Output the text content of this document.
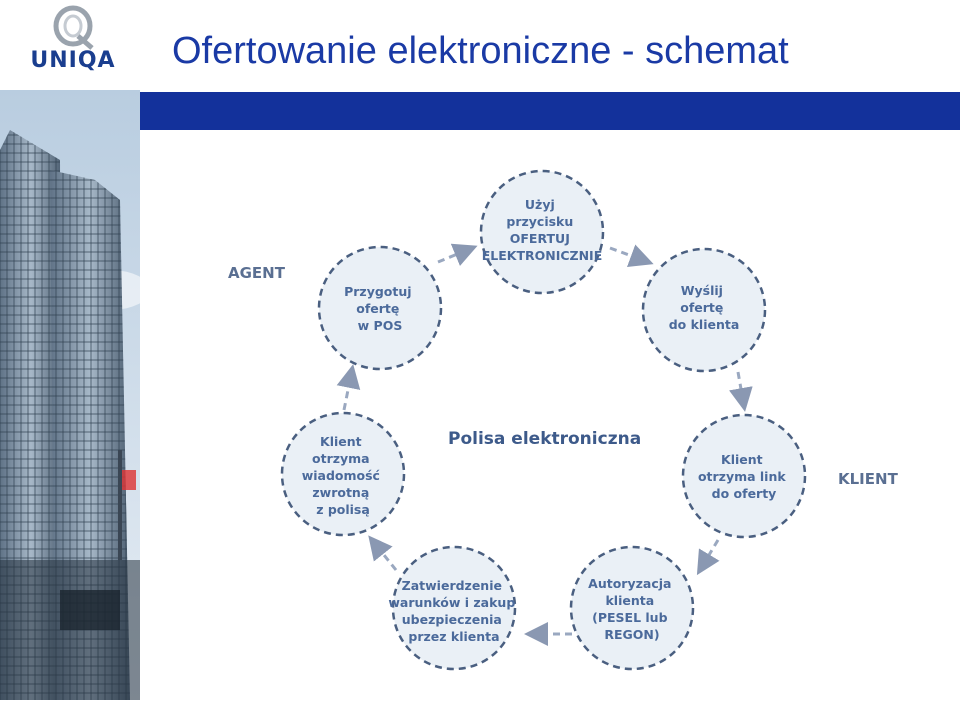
UNIQA	Ofertowanie elektroniczne - schemat
AGENT
KLIENT
Polisa elektroniczna
Użyj przycisku OFERTUJ ELEKTRONICZNIE
Wyślij ofertę do klienta
Klient otrzyma link do oferty
Autoryzacja klienta (PESEL lub REGON)
Zatwierdzenie warunków i zakup ubezpieczenia przez klienta
Klient otrzyma wiadomość zwrotną z polisą
Przygotuj ofertę w POS
